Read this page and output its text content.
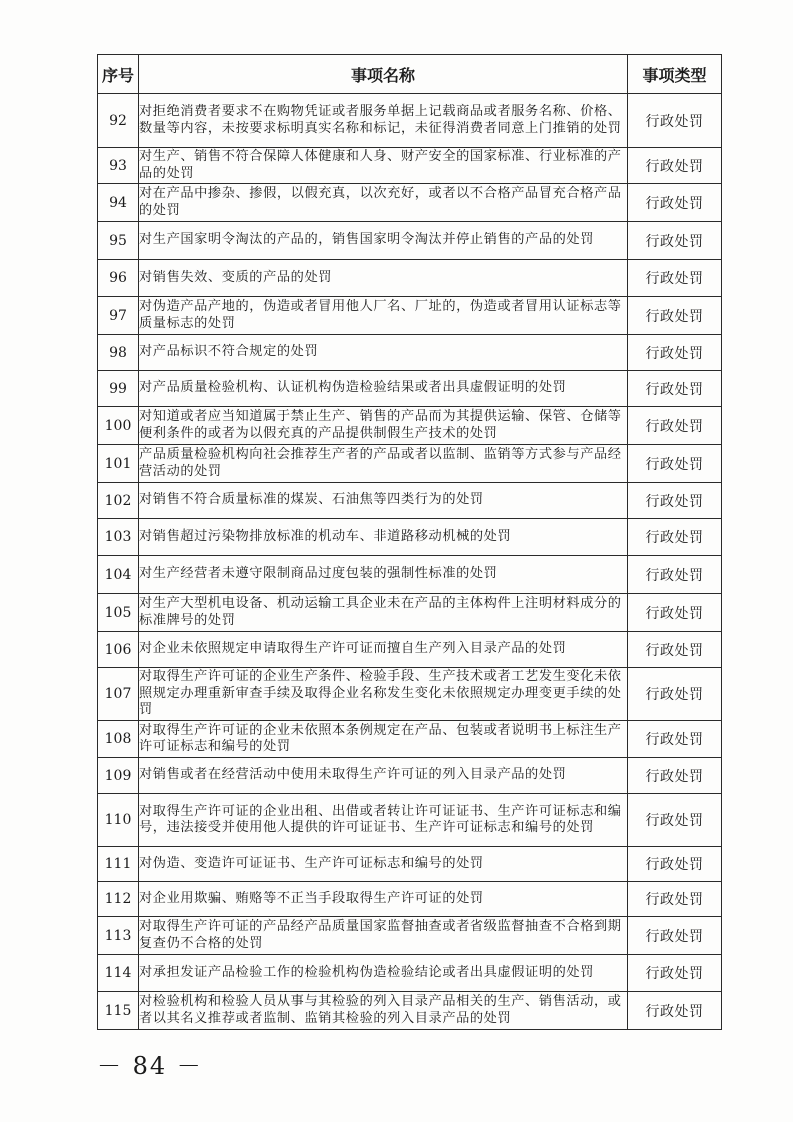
序号	事项名称	事项类型
92	对拒绝消费者要求不在购物凭证或者服务单据上记载商品或者服务名称、价格、数量等内容，未按要求标明真实名称和标记，未征得消费者同意上门推销的处罚	行政处罚
93	对生产、销售不符合保障人体健康和人身、财产安全的国家标准、行业标准的产品的处罚	行政处罚
94	对在产品中掺杂、掺假，以假充真，以次充好，或者以不合格产品冒充合格产品的处罚	行政处罚
95	对生产国家明令淘汰的产品的，销售国家明令淘汰并停止销售的产品的处罚	行政处罚
96	对销售失效、变质的产品的处罚	行政处罚
97	对伪造产品产地的，伪造或者冒用他人厂名、厂址的，伪造或者冒用认证标志等质量标志的处罚	行政处罚
98	对产品标识不符合规定的处罚	行政处罚
99	对产品质量检验机构、认证机构伪造检验结果或者出具虚假证明的处罚	行政处罚
100	对知道或者应当知道属于禁止生产、销售的产品而为其提供运输、保管、仓储等便利条件的或者为以假充真的产品提供制假生产技术的处罚	行政处罚
101	产品质量检验机构向社会推荐生产者的产品或者以监制、监销等方式参与产品经营活动的处罚	行政处罚
102	对销售不符合质量标准的煤炭、石油焦等四类行为的处罚	行政处罚
103	对销售超过污染物排放标准的机动车、非道路移动机械的处罚	行政处罚
104	对生产经营者未遵守限制商品过度包装的强制性标准的处罚	行政处罚
105	对生产大型机电设备、机动运输工具企业未在产品的主体构件上注明材料成分的标准牌号的处罚	行政处罚
106	对企业未依照规定申请取得生产许可证而擅自生产列入目录产品的处罚	行政处罚
107	对取得生产许可证的企业生产条件、检验手段、生产技术或者工艺发生变化未依照规定办理重新审查手续及取得企业名称发生变化未依照规定办理变更手续的处罚	行政处罚
108	对取得生产许可证的企业未依照本条例规定在产品、包装或者说明书上标注生产许可证标志和编号的处罚	行政处罚
109	对销售或者在经营活动中使用未取得生产许可证的列入目录产品的处罚	行政处罚
110	对取得生产许可证的企业出租、出借或者转让许可证证书、生产许可证标志和编号，违法接受并使用他人提供的许可证证书、生产许可证标志和编号的处罚	行政处罚
111	对伪造、变造许可证证书、生产许可证标志和编号的处罚	行政处罚
112	对企业用欺骗、贿赂等不正当手段取得生产许可证的处罚	行政处罚
113	对取得生产许可证的产品经产品质量国家监督抽查或者省级监督抽查不合格到期复查仍不合格的处罚	行政处罚
114	对承担发证产品检验工作的检验机构伪造检验结论或者出具虚假证明的处罚	行政处罚
115	对检验机构和检验人员从事与其检验的列入目录产品相关的生产、销售活动，或者以其名义推荐或者监制、监销其检验的列入目录产品的处罚	行政处罚
－ 84 －
